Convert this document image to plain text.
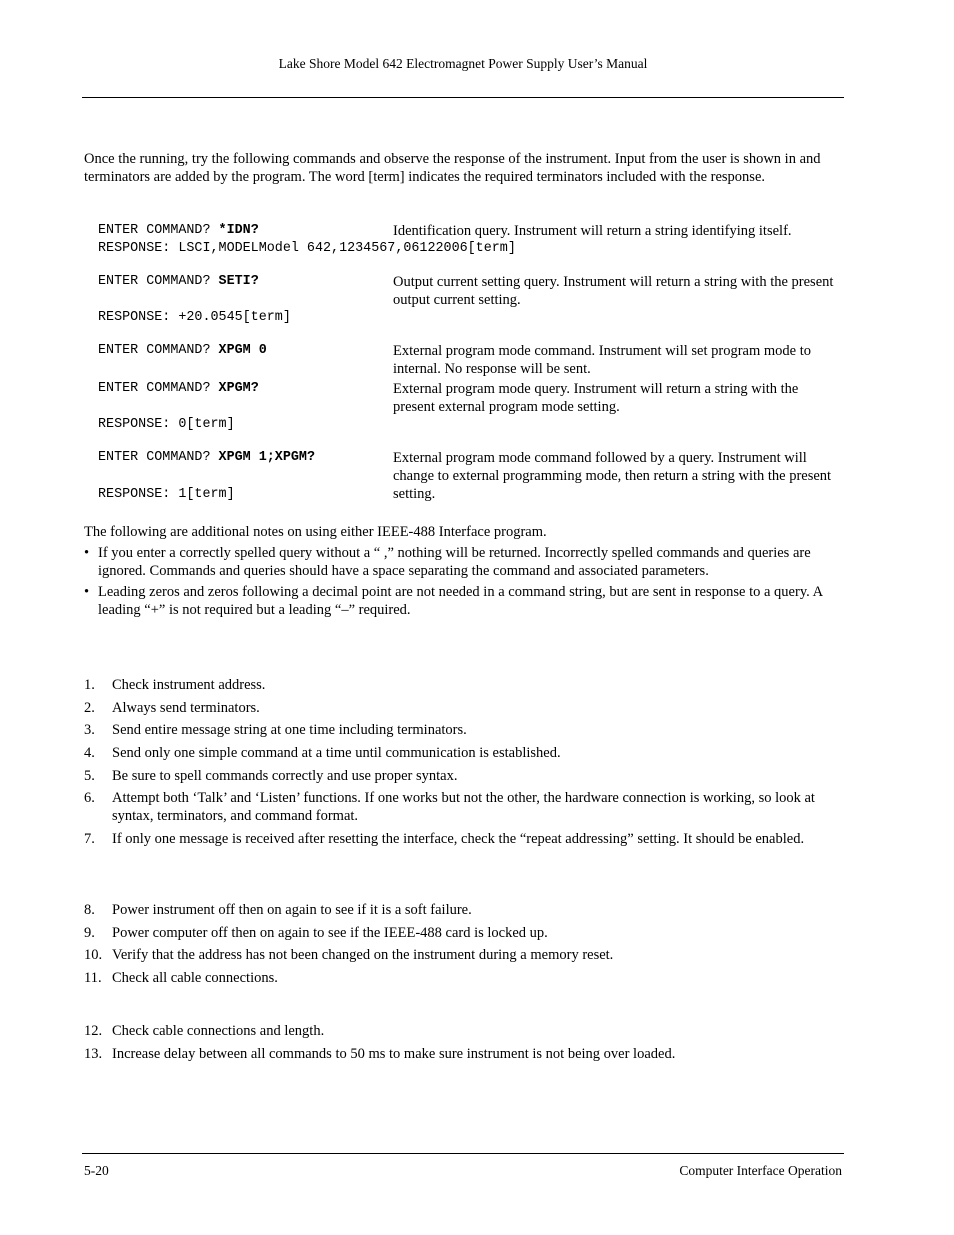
Lake Shore Model 642 Electromagnet Power Supply User’s Manual
Once the running, try the following commands and observe the response of the instrument. Input from the user is shown in and terminators are added by the program. The word [term] indicates the required terminators included with the response.
ENTER COMMAND? *IDN?	Identification query. Instrument will return a string identifying itself.
RESPONSE: LSCI,MODELModel 642,1234567,06122006[term]
ENTER COMMAND? SETI?	Output current setting query. Instrument will return a string with the present output current setting.
RESPONSE: +20.0545[term]
ENTER COMMAND? XPGM 0	External program mode command. Instrument will set program mode to internal. No response will be sent.
ENTER COMMAND? XPGM?	External program mode query. Instrument will return a string with the present external program mode setting.
RESPONSE: 0[term]
ENTER COMMAND? XPGM 1;XPGM?	External program mode command followed by a query. Instrument will change to external programming mode, then return a string with the present setting.
RESPONSE: 1[term]
The following are additional notes on using either IEEE-488 Interface program.
• If you enter a correctly spelled query without a “ ,” nothing will be returned. Incorrectly spelled commands and queries are ignored. Commands and queries should have a space separating the command and associated parameters.
• Leading zeros and zeros following a decimal point are not needed in a command string, but are sent in response to a query. A leading “+” is not required but a leading “–” required.
1.	Check instrument address.
2.	Always send terminators.
3.	Send entire message string at one time including terminators.
4.	Send only one simple command at a time until communication is established.
5.	Be sure to spell commands correctly and use proper syntax.
6.	Attempt both ‘Talk’ and ‘Listen’ functions. If one works but not the other, the hardware connection is working, so look at syntax, terminators, and command format.
7.	If only one message is received after resetting the interface, check the “repeat addressing” setting. It should be enabled.
8.	Power instrument off then on again to see if it is a soft failure.
9.	Power computer off then on again to see if the IEEE-488 card is locked up.
10. Verify that the address has not been changed on the instrument during a memory reset.
11. Check all cable connections.
12. Check cable connections and length.
13. Increase delay between all commands to 50 ms to make sure instrument is not being over loaded.
5-20	Computer Interface Operation
